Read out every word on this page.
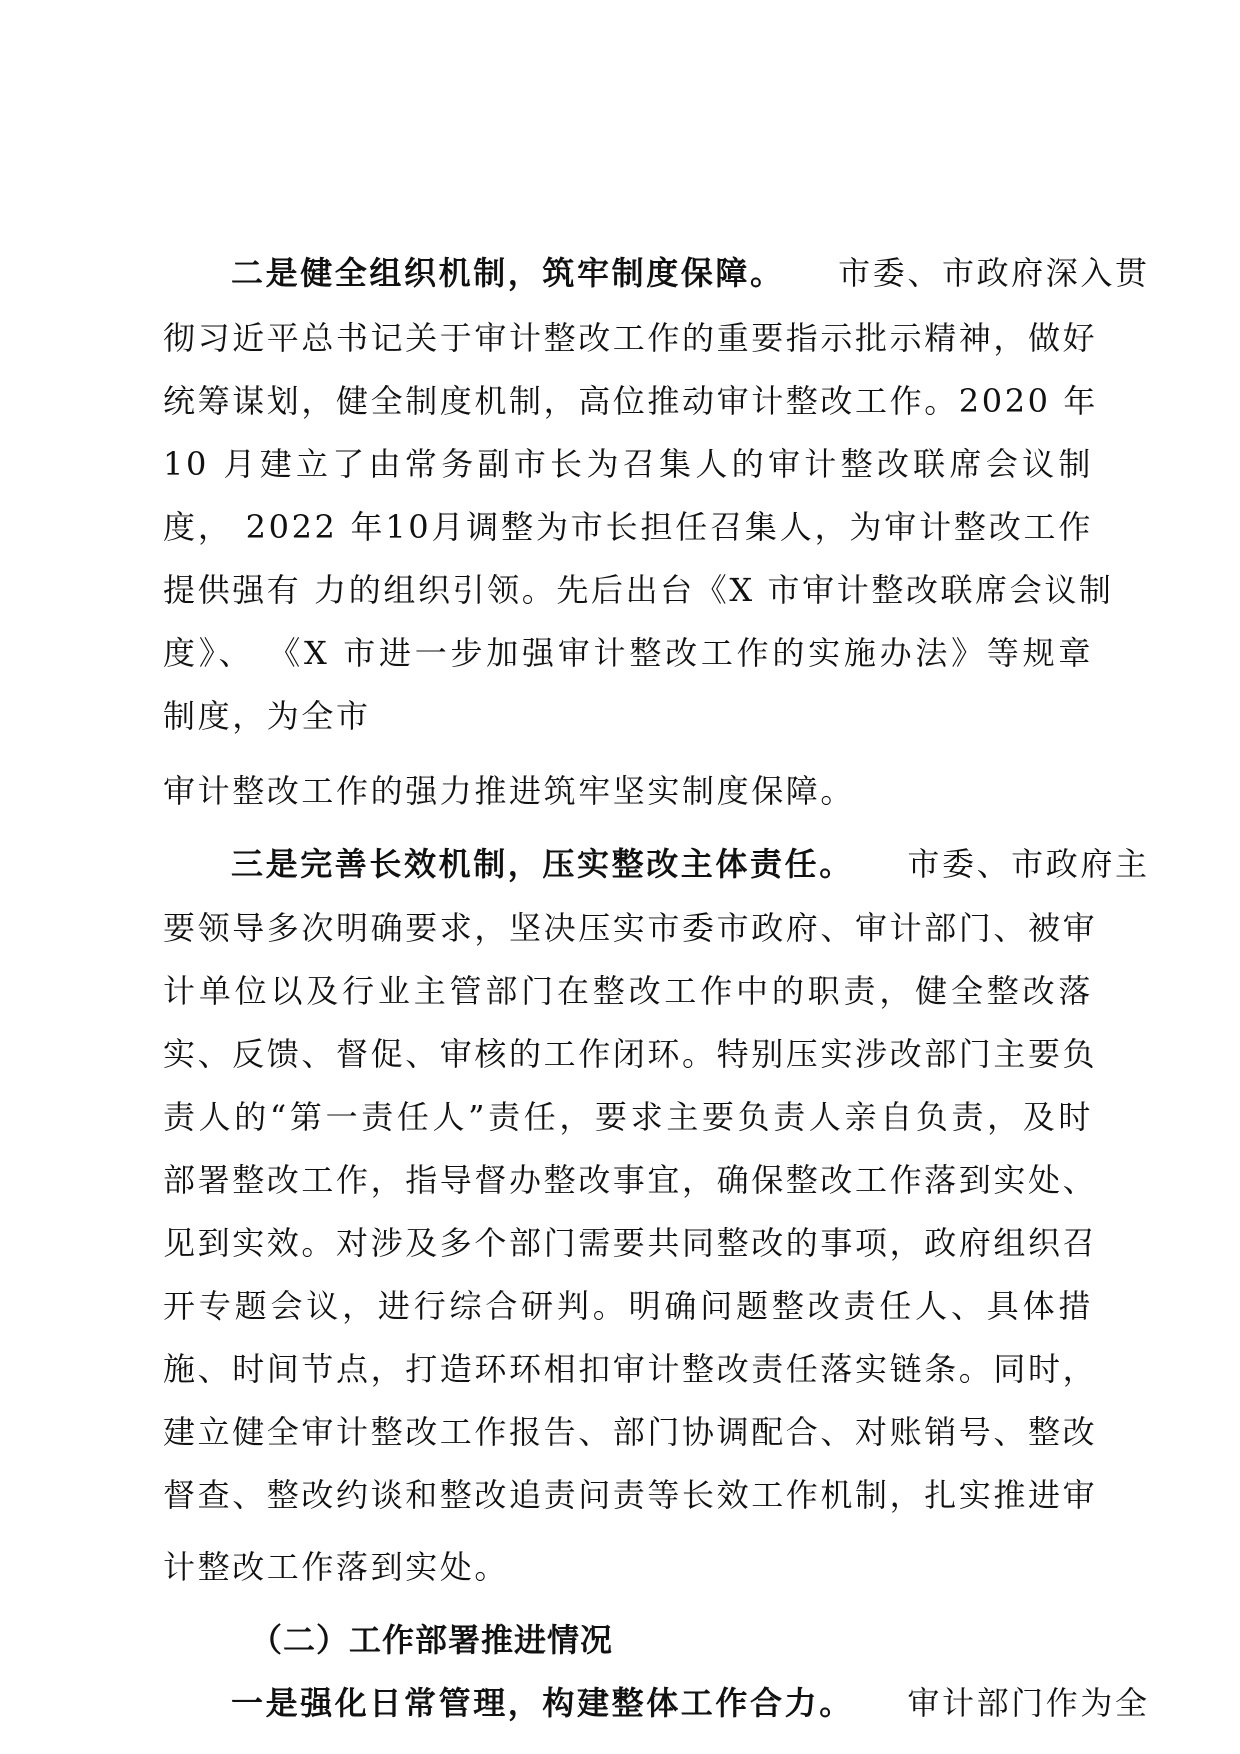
二是健全组织机制，筑牢制度保障。 市委、市政府深入贯
彻习近平总书记关于审计整改工作的重要指示批示精神，做好
统筹谋划，健全制度机制，高位推动审计整改工作。2020 年
10 月建立了由常务副市长为召集人的审计整改联席会议制
度， 2022 年10月调整为市长担任召集人，为审计整改工作
提供强有 力的组织引领。先后出台《X 市审计整改联席会议制
度》、 《X 市进一步加强审计整改工作的实施办法》等规章
制度，为全市
审计整改工作的强力推进筑牢坚实制度保障。
三是完善长效机制，压实整改主体责任。 市委、市政府主
要领导多次明确要求，坚决压实市委市政府、审计部门、被审
计单位以及行业主管部门在整改工作中的职责，健全整改落
实、反馈、督促、审核的工作闭环。特别压实涉改部门主要负
责人的“第一责任人”责任，要求主要负责人亲自负责，及时
部署整改工作，指导督办整改事宜，确保整改工作落到实处、
见到实效。对涉及多个部门需要共同整改的事项，政府组织召
开专题会议，进行综合研判。明确问题整改责任人、具体措
施、时间节点，打造环环相扣审计整改责任落实链条。同时，
建立健全审计整改工作报告、部门协调配合、对账销号、整改
督查、整改约谈和整改追责问责等长效工作机制，扎实推进审
计整改工作落到实处。
（二）工作部署推进情况
一是强化日常管理，构建整体工作合力。 审计部门作为全
